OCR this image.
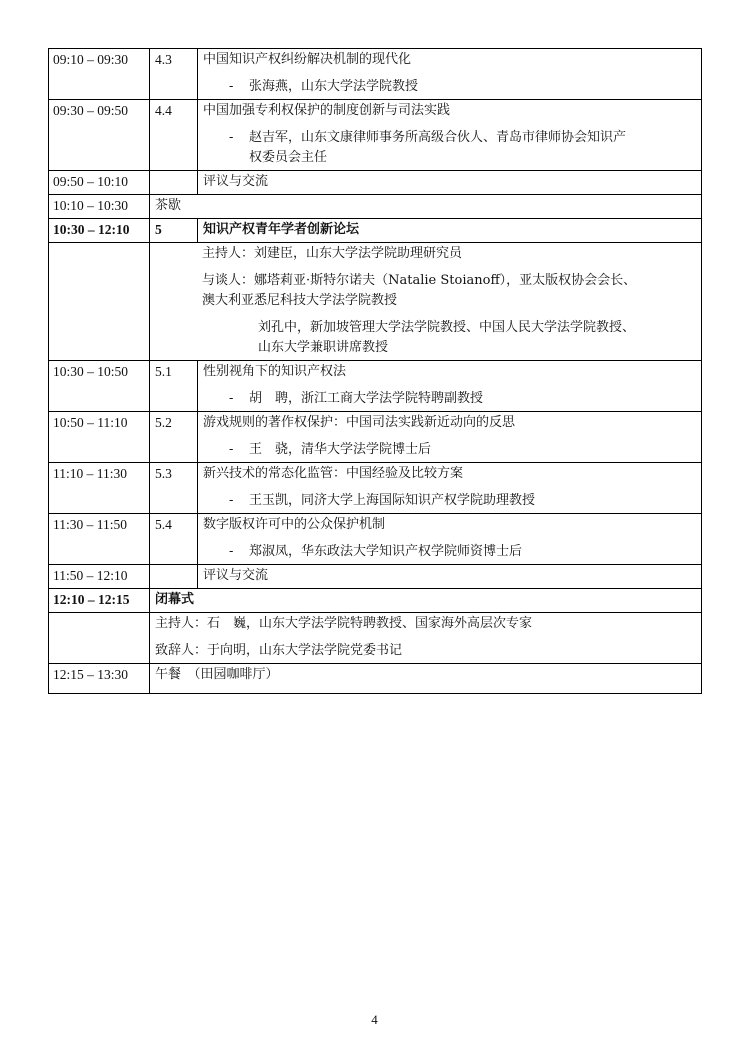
09:10 – 09:30	4.3	中国知识产权纠纷解决机制的现代化
- 张海燕，山东大学法学院教授

09:30 – 09:50	4.4	中国加强专利权保护的制度创新与司法实践
- 赵吉军，山东文康律师事务所高级合伙人、青岛市律师协会知识产
权委员会主任

09:50 – 10:10		评议与交流
10:10 – 10:30	茶歇	
10:30 – 12:10	5	知识产权青年学者创新论坛

	主持人：刘建臣，山东大学法学院助理研究员
与谈人：娜塔莉亚·斯特尔诺夫（Natalie Stoianoff），亚太版权协会会长、
澳大利亚悉尼科技大学法学院教授
刘孔中，新加坡管理大学法学院教授、中国人民大学法学院教授、
山东大学兼职讲席教授	

10:30 – 10:50	5.1	性别视角下的知识产权法
- 胡　聘，浙江工商大学法学院特聘副教授

10:50 – 11:10	5.2	游戏规则的著作权保护：中国司法实践新近动向的反思
- 王　骁，清华大学法学院博士后

11:10 – 11:30	5.3	新兴技术的常态化监管：中国经验及比较方案
- 王玉凯，同济大学上海国际知识产权学院助理教授

11:30 – 11:50	5.4	数字版权许可中的公众保护机制
- 郑淑凤，华东政法大学知识产权学院师资博士后

11:50 – 12:10		评议与交流
12:10 – 12:15	闭幕式	

	主持人：石　巍，山东大学法学院特聘教授、国家海外高层次专家
致辞人：于向明，山东大学法学院党委书记	

12:15 – 13:30	午餐　（田园咖啡厅）	
4
